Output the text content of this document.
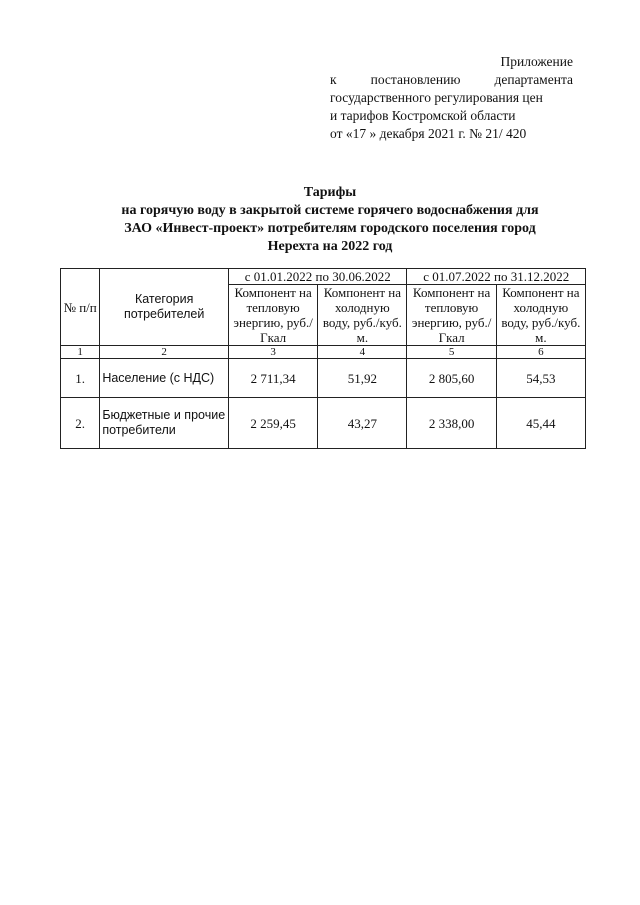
Приложение
к постановлению департамента
государственного регулирования цен
и тарифов Костромской области
от «17 » декабря 2021 г. № 21/ 420
Тарифы
на горячую воду в закрытой системе горячего водоснабжения для
ЗАО «Инвест-проект» потребителям городского поселения город
Нерехта на 2022 год
№ п/п	Категория потребителей	с 01.01.2022 по 30.06.2022		с 01.07.2022 по 31.12.2022	
		Компонент на тепловую энергию, руб./Гкал	Компонент на холодную воду, руб./куб. м.	Компонент на тепловую энергию, руб./Гкал	Компонент на холодную воду, руб./куб. м.
1	2	3	4	5	6
1.	Население (с НДС)	2 711,34	51,92	2 805,60	54,53
2.	Бюджетные и прочие потребители	2 259,45	43,27	2 338,00	45,44
